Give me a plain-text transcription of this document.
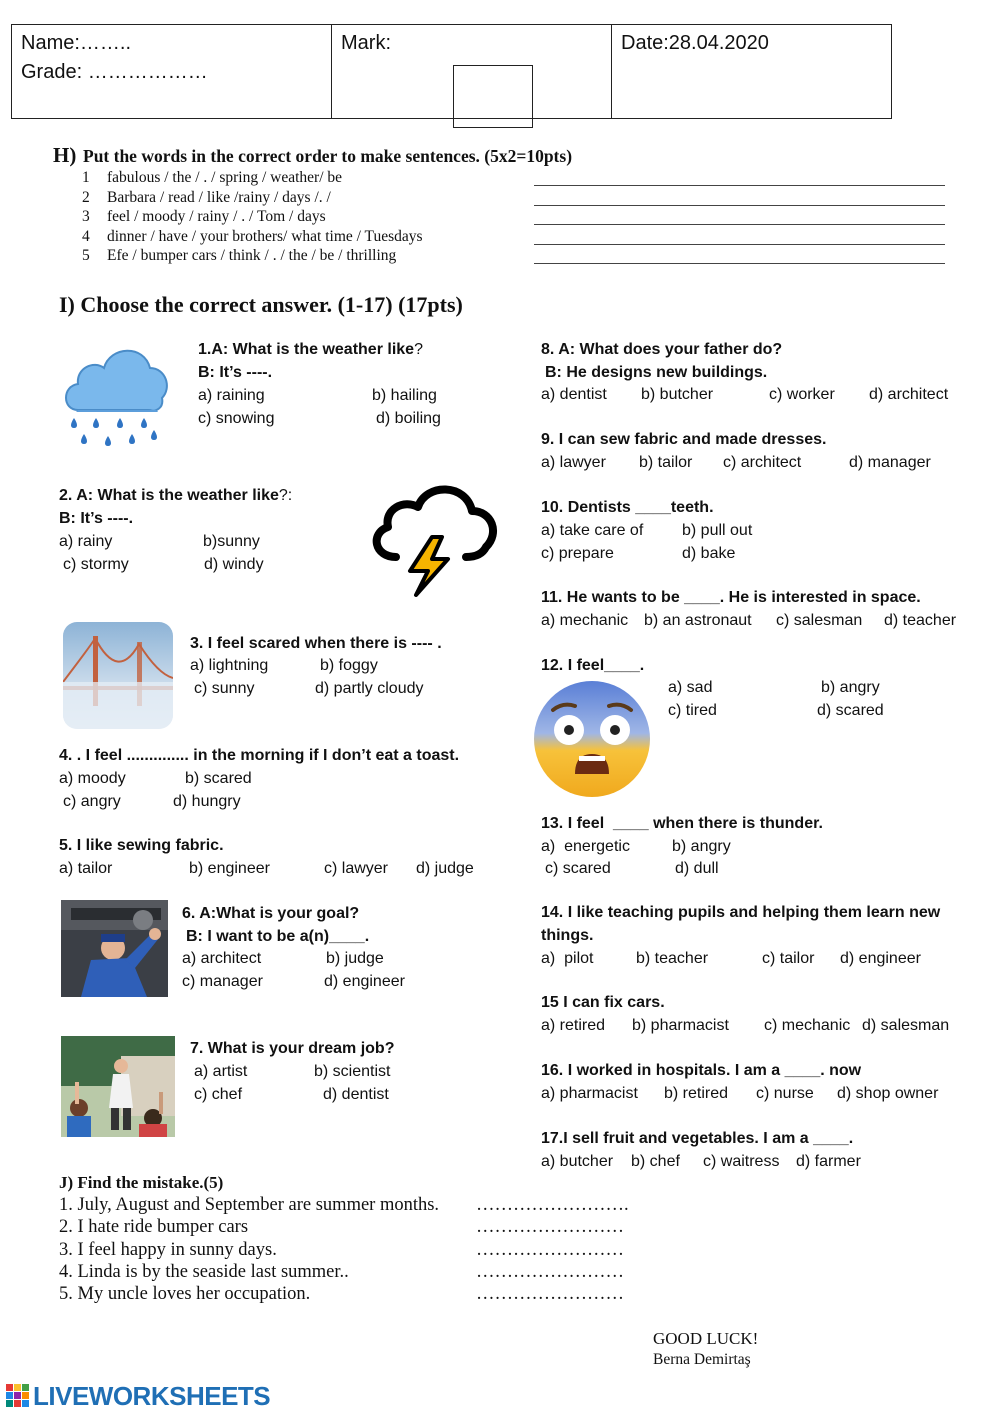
Name:……..
Grade: ………………
Mark:	Date:28.04.2020
H) Put the words in the correct order to make sentences. (5x2=10pts)
1 fabulous / the / . / spring / weather/ be
2 Barbara / read / like /rainy / days /. /
3 feel / moody / rainy / . / Tom / days
4 dinner / have / your brothers/ what time / Tuesdays
5 Efe / bumper cars / think / . / the / be / thrilling
I) Choose the correct answer. (1-17) (17pts)
1.A: What is the weather like?
B: It’s ----.
a) raining	b) hailing
c) snowing	d) boiling
2. A: What is the weather like?:
B: It’s ----.
a) rainy	b)sunny
c) stormy	d) windy
3. I feel scared when there is ---- .
a) lightning	b) foggy
c) sunny	d) partly cloudy
4. . I feel .............. in the morning if I don’t eat a toast.
a) moody	b) scared
c) angry	d) hungry
5. I like sewing fabric.
a) tailor	b) engineer	c) lawyer d) judge
6. A:What is your goal?
B: I want to be a(n)____.
a) architect	b) judge
c) manager	d) engineer
7. What is your dream job?
a) artist	b) scientist
c) chef	d) dentist
8. A: What does your father do?
B: He designs new buildings.
a) dentist b) butcher	c) worker d) architect
9. I can sew fabric and made dresses.
a) lawyer b) tailor c) architect	d) manager
10. Dentists ____teeth.
a) take care of b) pull out
c) prepare	d) bake
11. He wants to be ____. He is interested in space.
a) mechanic b) an astronaut c) salesman d) teacher
12. I feel____.
a) sad	b) angry
c) tired	d) scared
13. I feel  ____ when there is thunder.
a)  energetic	b) angry
c) scared	d) dull
14. I like teaching pupils and helping them learn new
things.
a)  pilot	b) teacher	c) tailor d) engineer
15 I can fix cars.
a) retired b) pharmacist c) mechanic d) salesman
16. I worked in hospitals. I am a ____. now
a) pharmacist b) retired c) nurse d) shop owner
17.I sell fruit and vegetables. I am a ____.
a) butcher b) chef c) waitress d) farmer
J) Find the mistake.(5)
1. July, August and September are summer months.
2. I hate ride bumper cars
3. I feel happy in sunny days.
4. Linda is by the seaside last summer..
5. My uncle loves her occupation.
…………………….
……………………
……………………
……………………
……………………
GOOD LUCK!
Berna Demirtaş
LIVEWORKSHEETS
